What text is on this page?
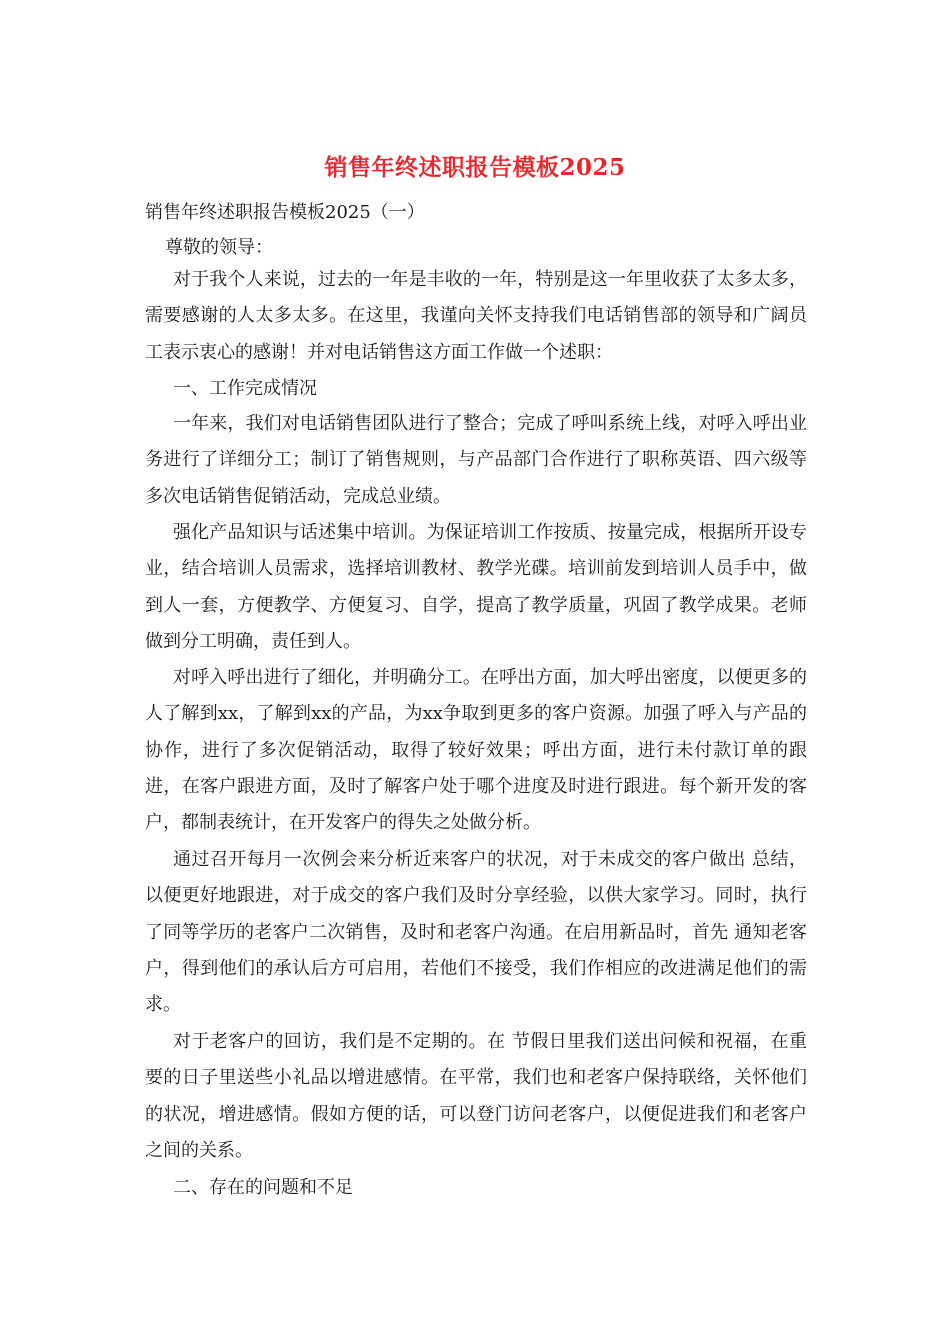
销售年终述职报告模板2025
销售年终述职报告模板2025（一）
尊敬的领导：
对于我个人来说，过去的一年是丰收的一年，特别是这一年里收获了太多太多，需要感谢的人太多太多。在这里，我谨向关怀支持我们电话销售部的领导和广阔员工表示衷心的感谢！并对电话销售这方面工作做一个述职：
一、工作完成情况
一年来，我们对电话销售团队进行了整合；完成了呼叫系统上线，对呼入呼出业务进行了详细分工；制订了销售规则，与产品部门合作进行了职称英语、四六级等多次电话销售促销活动，完成总业绩。
强化产品知识与话述集中培训。为保证培训工作按质、按量完成，根据所开设专业，结合培训人员需求，选择培训教材、教学光碟。培训前发到培训人员手中，做到人一套，方便教学、方便复习、自学，提高了教学质量，巩固了教学成果。老师做到分工明确，责任到人。
对呼入呼出进行了细化，并明确分工。在呼出方面，加大呼出密度，以便更多的人了解到xx，了解到xx的产品，为xx争取到更多的客户资源。加强了呼入与产品的协作，进行了多次促销活动，取得了较好效果；呼出方面，进行未付款订单的跟进，在客户跟进方面，及时了解客户处于哪个进度及时进行跟进。每个新开发的客户，都制表统计，在开发客户的得失之处做分析。
通过召开每月一次例会来分析近来客户的状况，对于未成交的客户做出 总结，以便更好地跟进，对于成交的客户我们及时分享经验，以供大家学习。同时，执行了同等学历的老客户二次销售，及时和老客户沟通。在启用新品时，首先 通知老客户，得到他们的承认后方可启用，若他们不接受，我们作相应的改进满足他们的需求。
对于老客户的回访，我们是不定期的。在 节假日里我们送出问候和祝福，在重要的日子里送些小礼品以增进感情。在平常，我们也和老客户保持联络，关怀他们的状况，增进感情。假如方便的话，可以登门访问老客户，以便促进我们和老客户之间的关系。
二、存在的问题和不足
